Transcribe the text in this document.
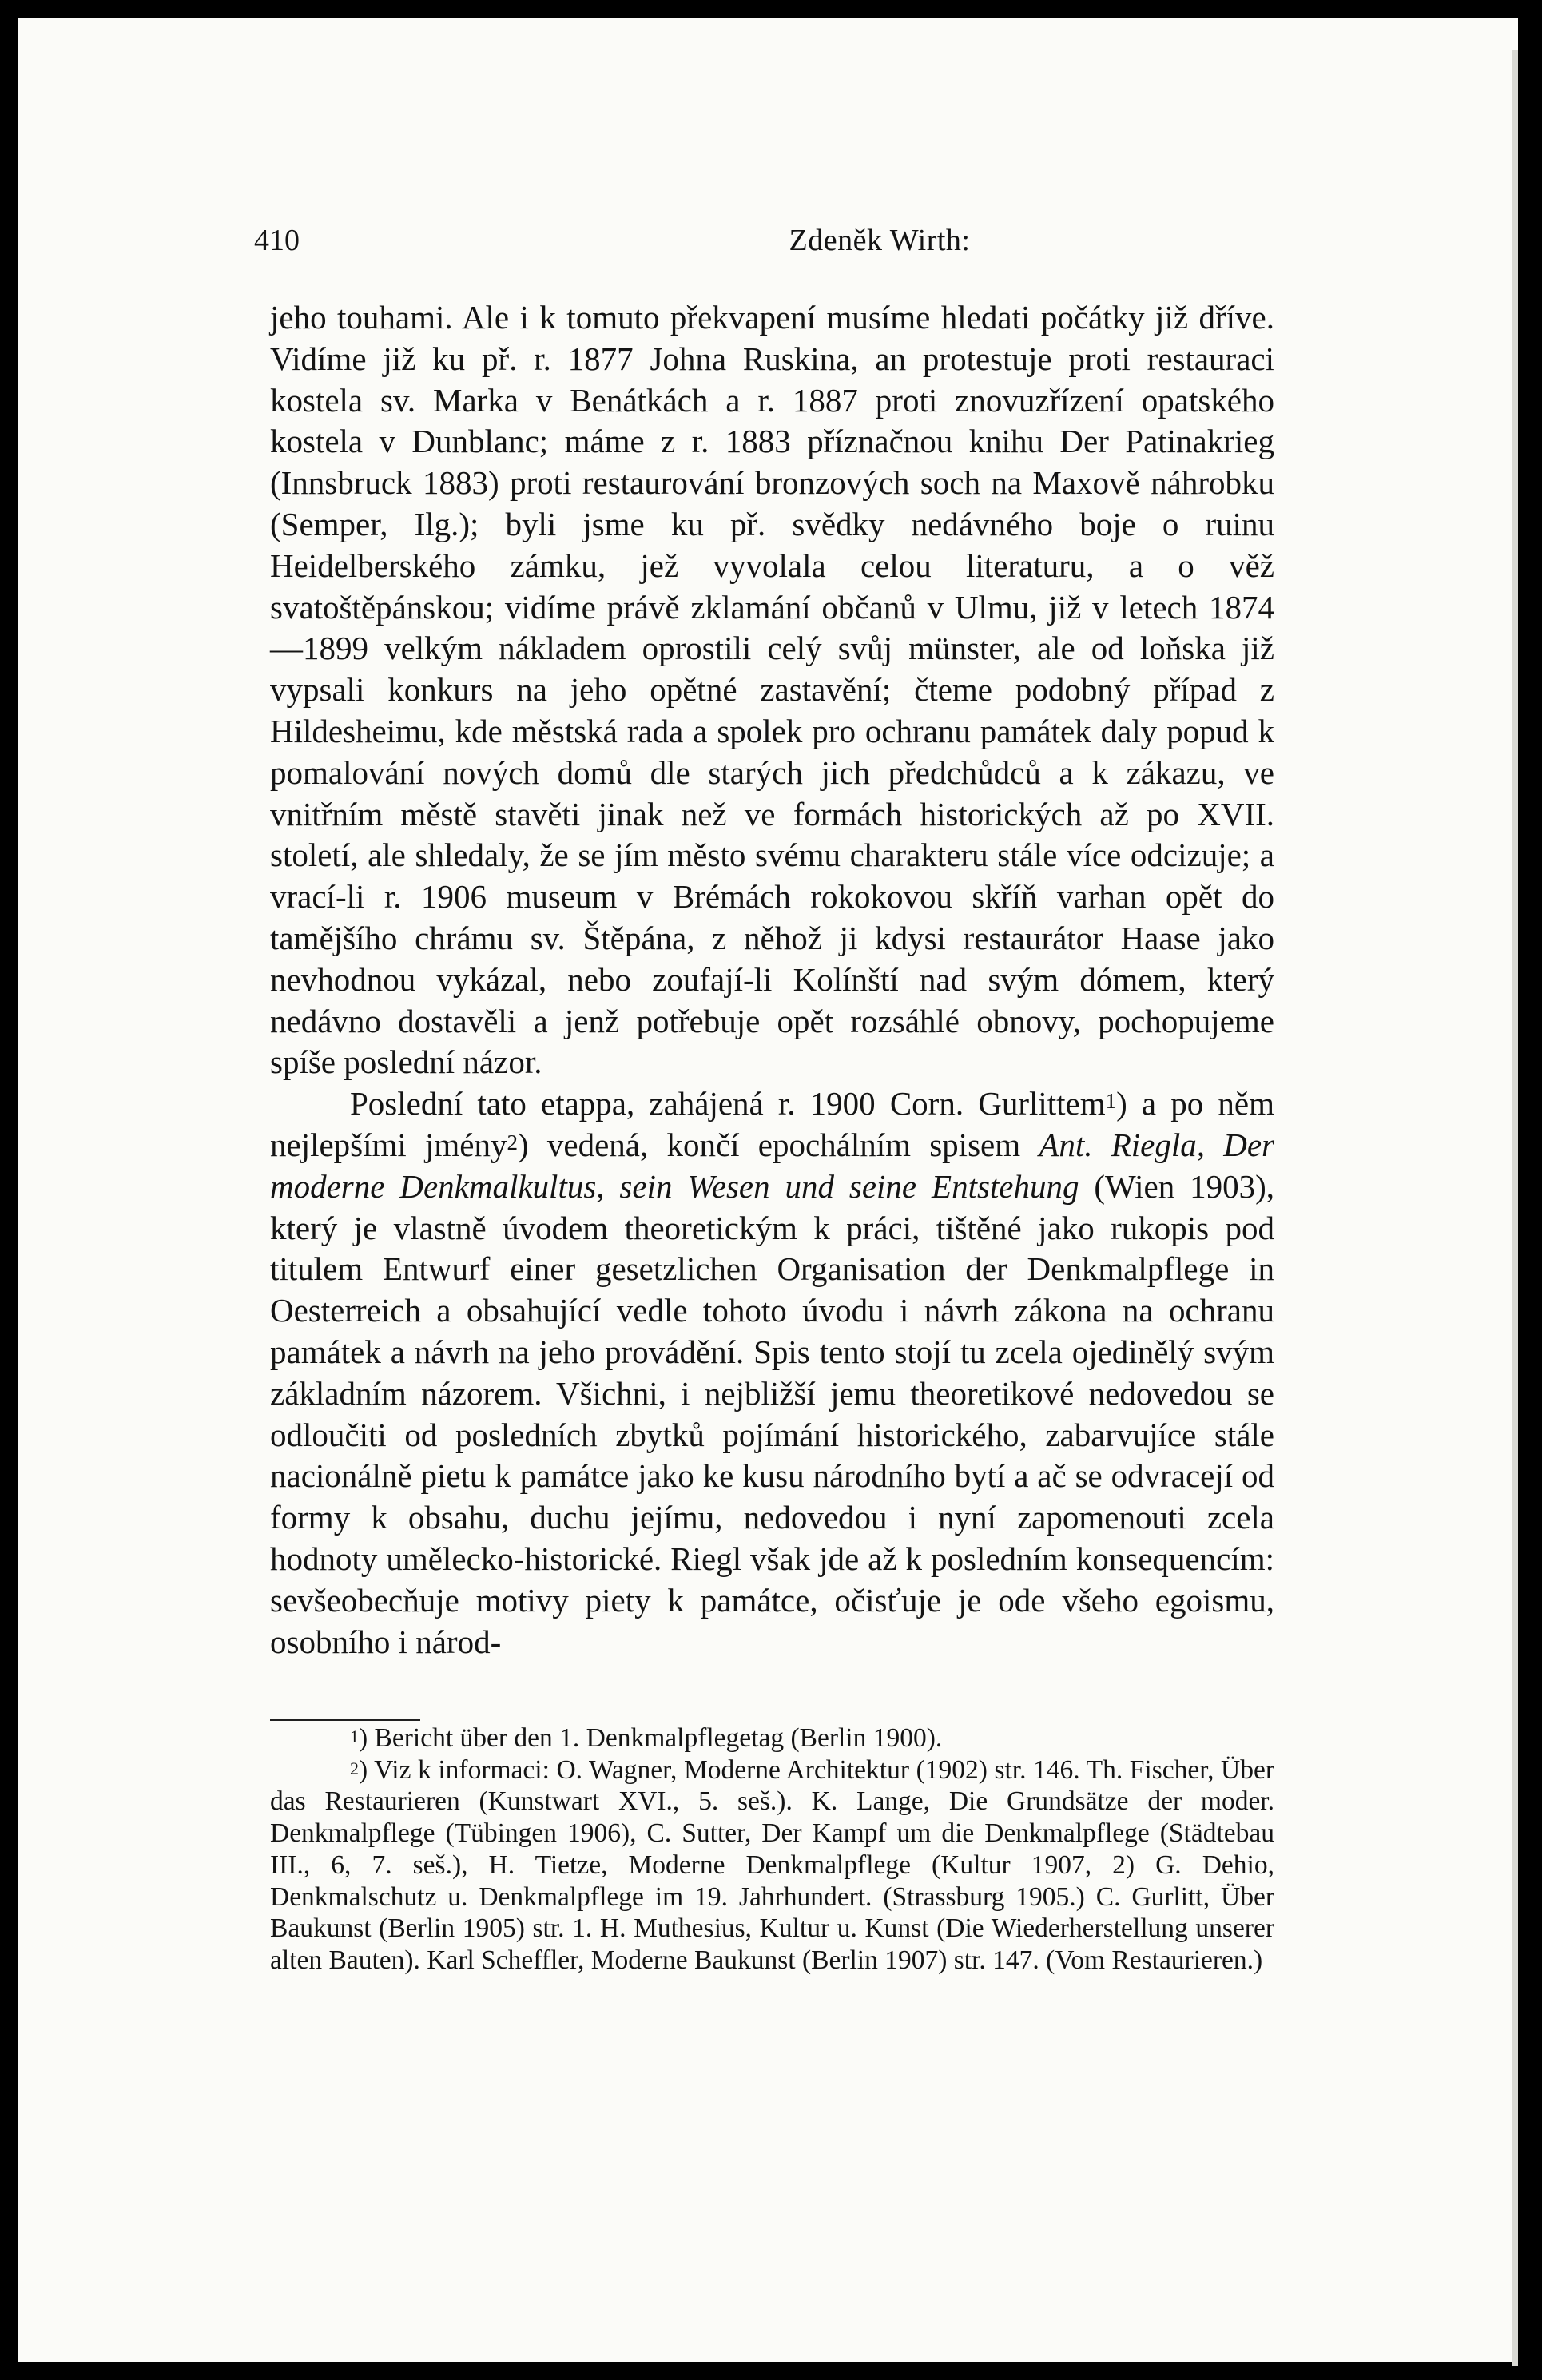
410	Zdeněk Wirth:

jeho touhami. Ale i k tomuto překvapení musíme hledati počátky již dříve. Vidíme již ku př. r. 1877 Johna Ruskina, an protestuje proti restauraci kostela sv. Marka v Benátkách a r. 1887 proti znovuzřízení opatského kostela v Dunblanc; máme z r. 1883 příznačnou knihu Der Patinakrieg (Innsbruck 1883) proti restaurování bronzových soch na Maxově náhrobku (Semper, Ilg.); byli jsme ku př. svědky nedávného boje o ruinu Heidelberského zámku, jež vyvolala celou literaturu, a o věž svatoštěpánskou; vidíme právě zklamání občanů v Ulmu, již v letech 1874—1899 velkým nákladem oprostili celý svůj münster, ale od loňska již vypsali konkurs na jeho opětné zastavění; čteme podobný případ z Hildesheimu, kde městská rada a spolek pro ochranu památek daly popud k pomalování nových domů dle starých jich předchůdců a k zákazu, ve vnitřním městě stavěti jinak než ve formách historických až po XVII. století, ale shledaly, že se jím město svému charakteru stále více odcizuje; a vrací-li r. 1906 museum v Brémách rokokovou skříň varhan opět do tamějšího chrámu sv. Štěpána, z něhož ji kdysi restaurátor Haase jako nevhodnou vykázal, nebo zoufají-li Kolínští nad svým dómem, který nedávno dostavěli a jenž potřebuje opět rozsáhlé obnovy, pochopujeme spíše poslední názor.

Poslední tato etappa, zahájená r. 1900 Corn. Gurlittem$^1$) a po něm nejlepšími jmény$^2$) vedená, končí epochálním spisem Ant. Riegla, Der moderne Denkmalkultus, sein Wesen und seine Entstehung (Wien 1903), který je vlastně úvodem theoretickým k práci, tištěné jako rukopis pod titulem Entwurf einer gesetzlichen Organisation der Denkmalpflege in Oesterreich a obsahující vedle tohoto úvodu i návrh zákona na ochranu památek a návrh na jeho provádění. Spis tento stojí tu zcela ojedinělý svým základním názorem. Všichni, i nejbližší jemu theoretikové nedovedou se odloučiti od posledních zbytků pojímání historického, zabarvujíce stále nacionálně pietu k památce jako ke kusu národního bytí a ač se odvracejí od formy k obsahu, duchu jejímu, nedovedou i nyní zapomenouti zcela hodnoty umělecko-historické. Riegl však jde až k posledním konsequencím: sevšeobecňuje motivy piety k památce, očisťuje je ode všeho egoismu, osobního i národ-

$^1$) Bericht über den 1. Denkmalpflegetag (Berlin 1900).

$^2$) Viz k informaci: O. Wagner, Moderne Architektur (1902) str. 146. Th. Fischer, Über das Restaurieren (Kunstwart XVI., 5. seš.). K. Lange, Die Grundsätze der moder. Denkmalpflege (Tübingen 1906), C. Sutter, Der Kampf um die Denkmalpflege (Städtebau III., 6, 7. seš.), H. Tietze, Moderne Denkmalpflege (Kultur 1907, 2) G. Dehio, Denkmalschutz u. Denkmalpflege im 19. Jahrhundert. (Strassburg 1905.) C. Gurlitt, Über Baukunst (Berlin 1905) str. 1. H. Muthesius, Kultur u. Kunst (Die Wiederherstellung unserer alten Bauten). Karl Scheffler, Moderne Baukunst (Berlin 1907) str. 147. (Vom Restaurieren.)
